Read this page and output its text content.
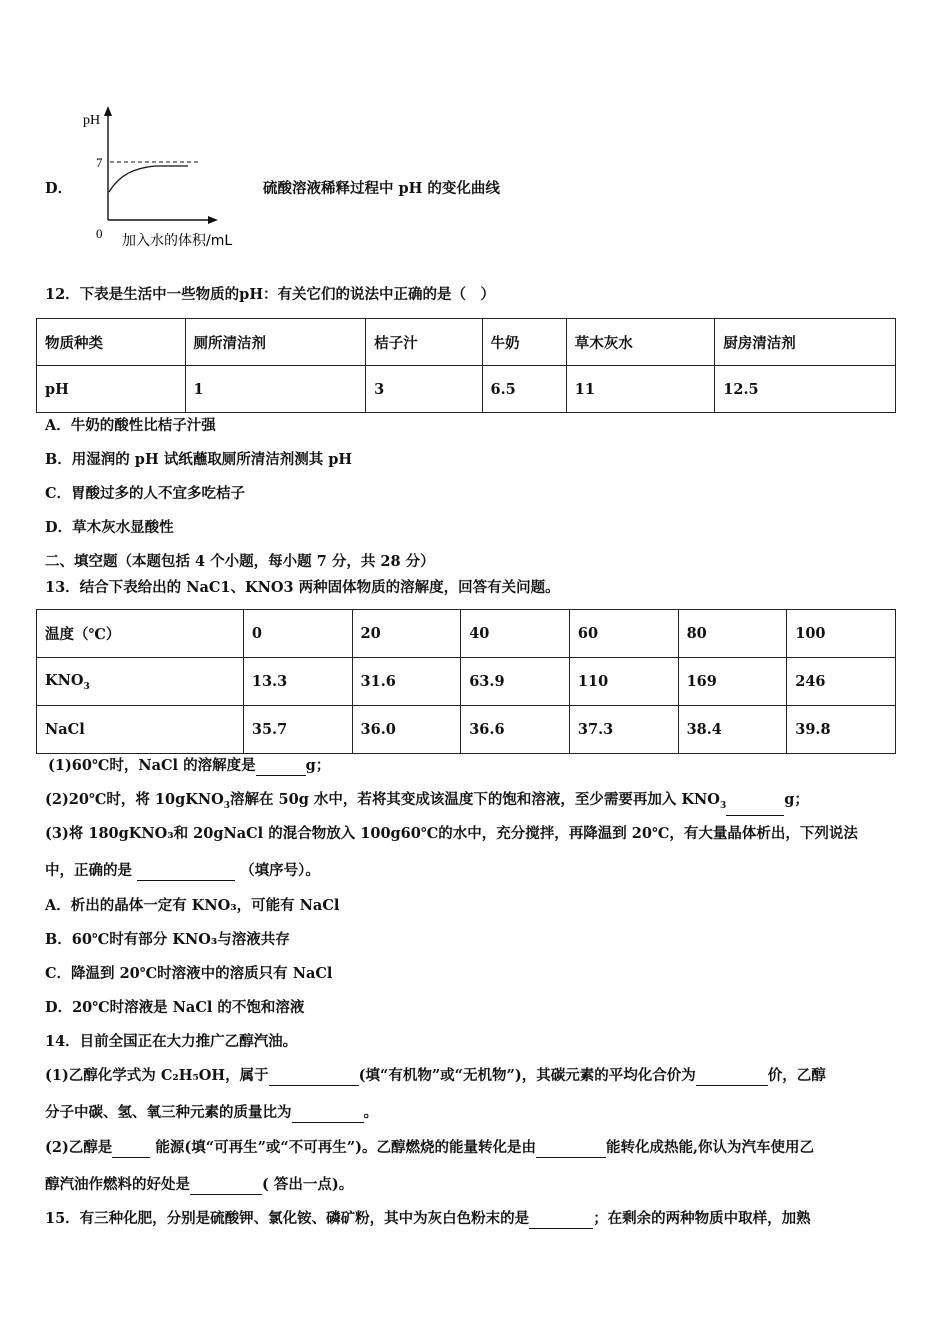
D．
pH
7
0 加入水的体积/mL
硫酸溶液稀释过程中 pH 的变化曲线
12．下表是生活中一些物质的pH：有关它们的说法中正确的是（　）
物质种类	厕所清洁剂	桔子汁	牛奶	草木灰水	厨房清洁剂
pH	1	3	6.5	11	12.5
A．牛奶的酸性比桔子汁强
B．用湿润的 pH 试纸蘸取厕所清洁剂测其 pH
C．胃酸过多的人不宜多吃桔子
D．草木灰水显酸性
二、填空题（本题包括 4 个小题，每小题 7 分，共 28 分）
13．结合下表给出的 NaC1、KNO3 两种固体物质的溶解度，回答有关问题。
温度（℃）	0	20	40	60	80	100
$KNO_3$	13.3	31.6	63.9	110	169	246
NaCl	35.7	36.0	36.6	37.3	38.4	39.8
(1)60℃时，NaCl 的溶解度是	g；
(2)20℃时，将 10gKNO$_3$溶解在 50g 水中，若将其变成该温度下的饱和溶液，至少需要再加入 $KNO_3$	g；
(3)将 180gKNO₃和 20gNaCl 的混合物放入 100g60℃的水中，充分搅拌，再降温到 20℃，有大量晶体析出，下列说法
中，正确的是	（填序号）。
A．析出的晶体一定有 KNO₃，可能有 NaCl
B．60℃时有部分 KNO₃与溶液共存
C．降温到 20℃时溶液中的溶质只有 NaCl
D．20℃时溶液是 NaCl 的不饱和溶液
14．目前全国正在大力推广乙醇汽油。
(1)乙醇化学式为 C₂H₅OH，属于	(填“有机物”或“无机物”)，其碳元素的平均化合价为	价，乙醇
分子中碳、氢、氧三种元素的质量比为	。
(2)乙醇是	能源(填“可再生”或“不可再生”)。乙醇燃烧的能量转化是由	能转化成热能,你认为汽车使用乙
醇汽油作燃料的好处是	( 答出一点)。
15．有三种化肥，分别是硫酸钾、氯化铵、磷矿粉，其中为灰白色粉末的是	；在剩余的两种物质中取样，加熟
